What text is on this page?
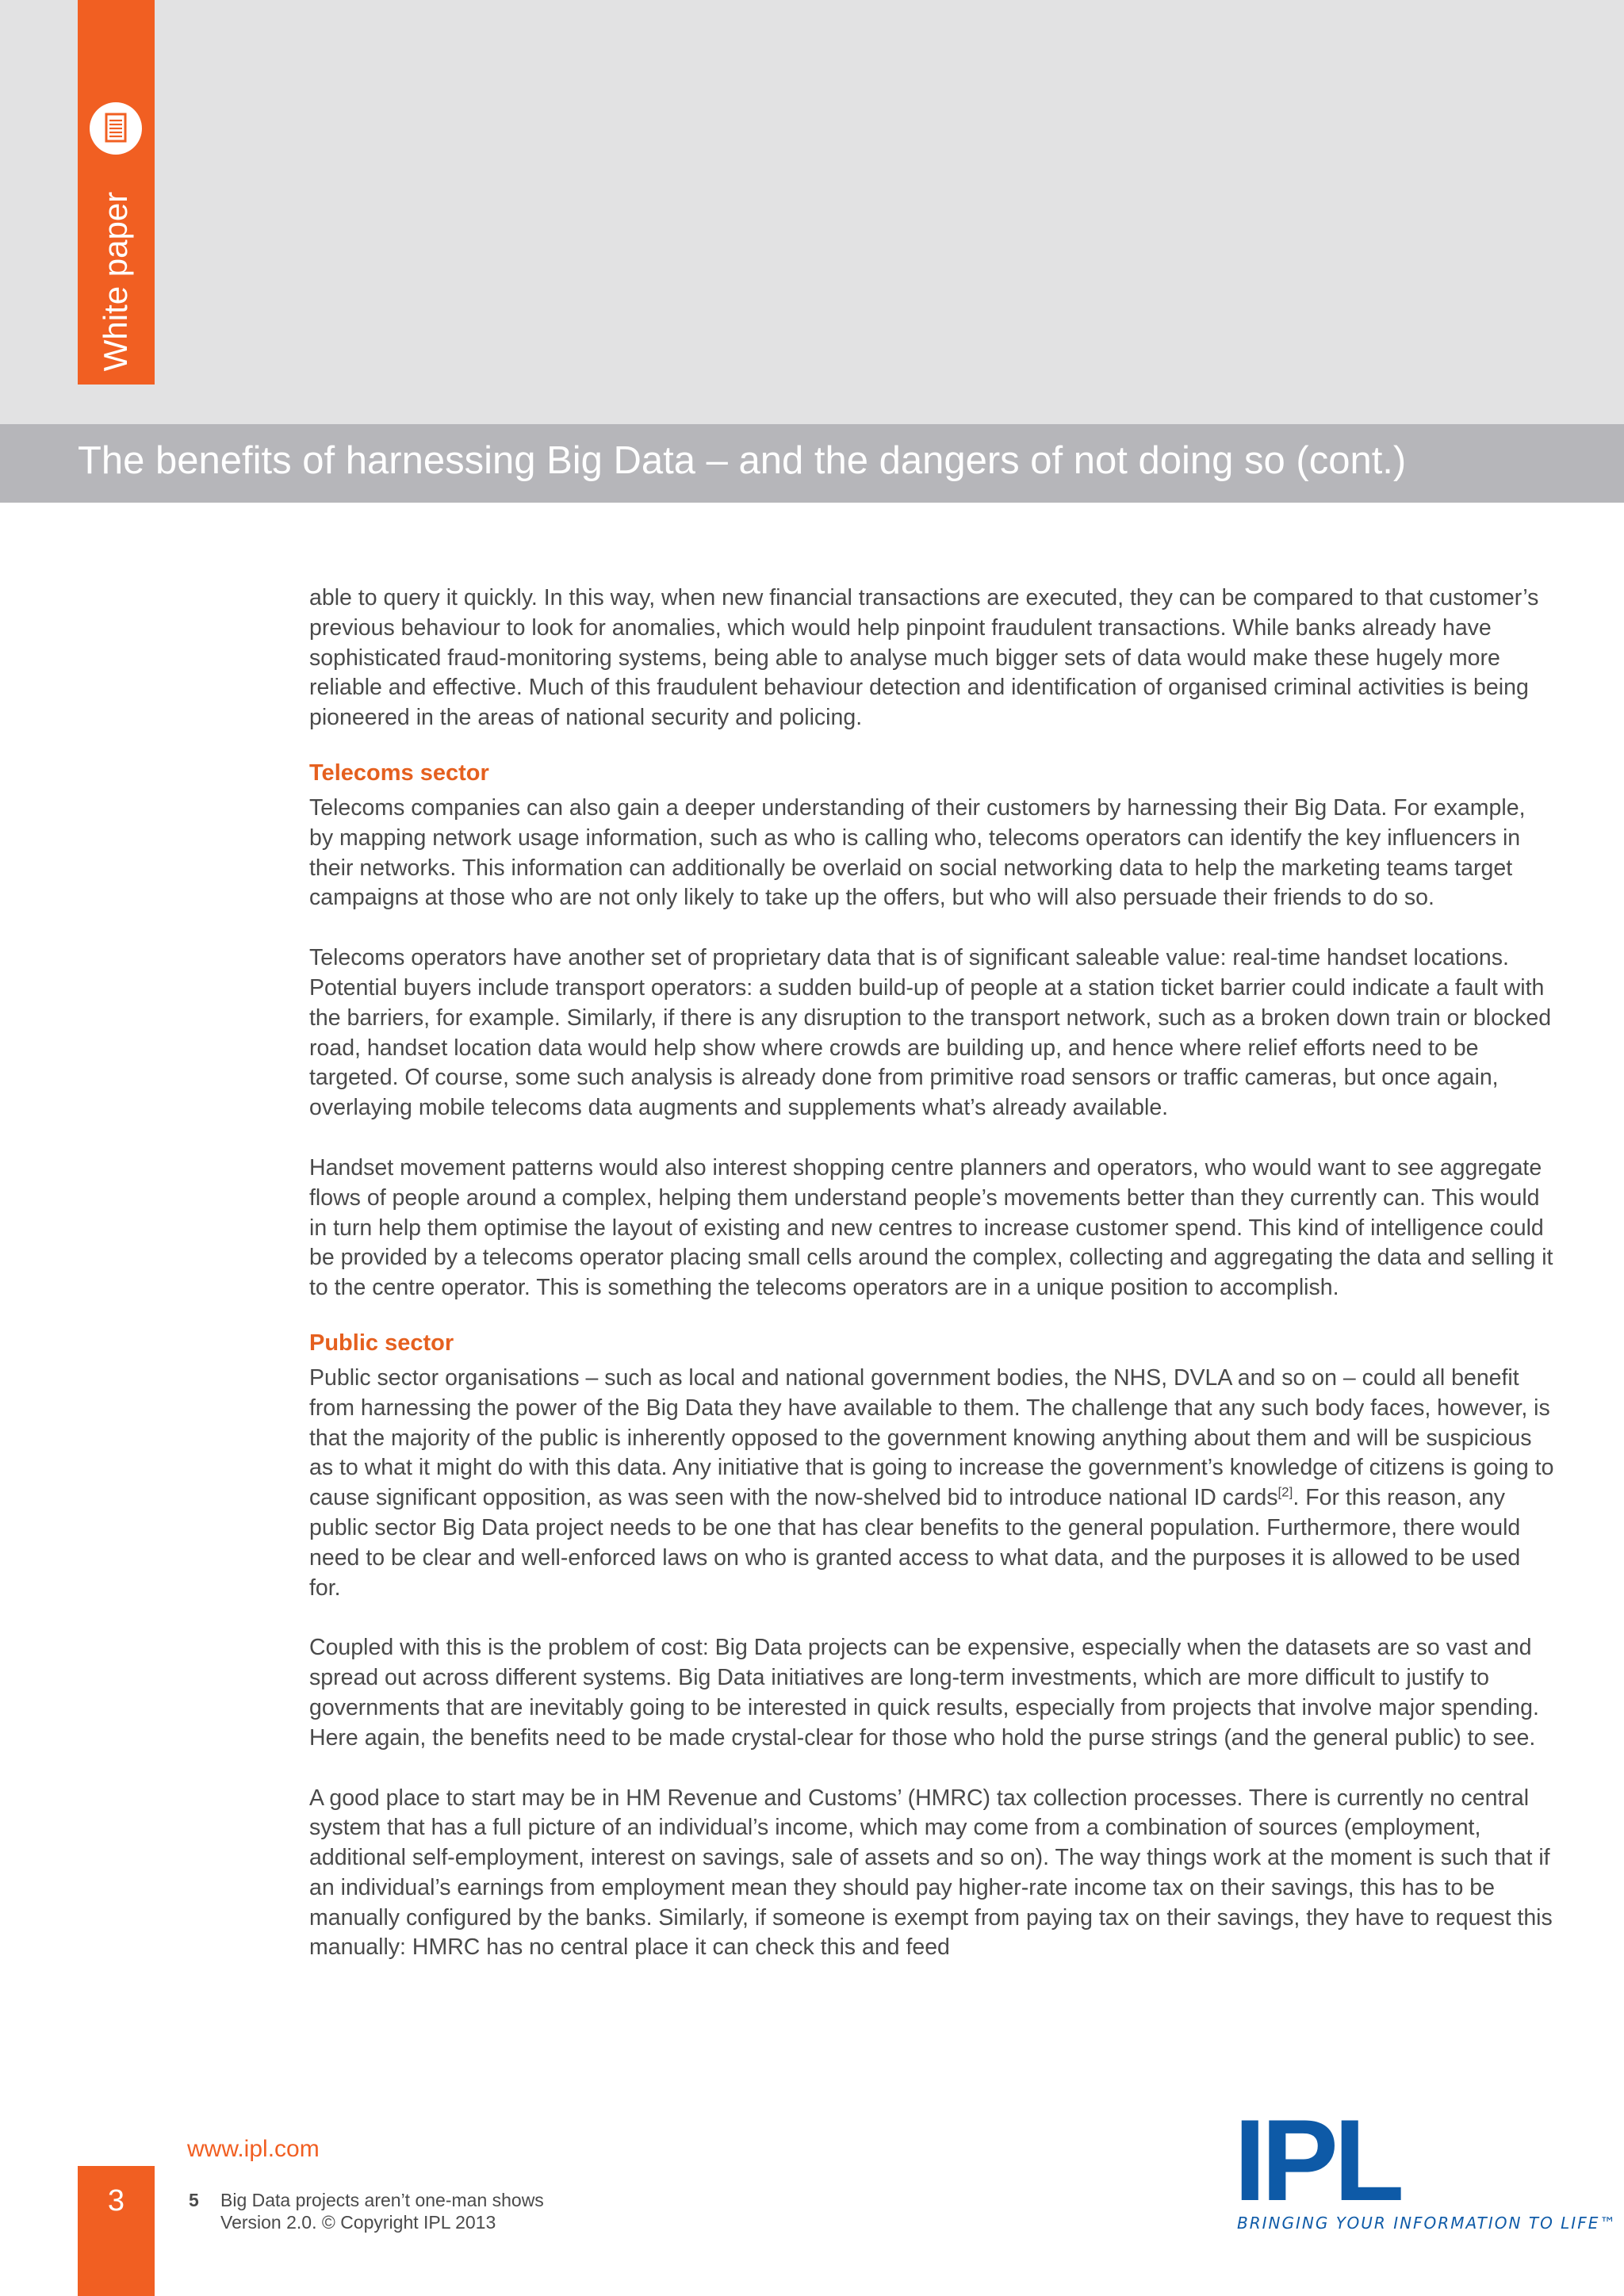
White paper
The benefits of harnessing Big Data – and the dangers of not doing so (cont.)

able to query it quickly. In this way, when new financial transactions are executed, they can be compared to that customer’s previous behaviour to look for anomalies, which would help pinpoint fraudulent transactions. While banks already have sophisticated fraud-monitoring systems, being able to analyse much bigger sets of data would make these hugely more reliable and effective. Much of this fraudulent behaviour detection and identification of organised criminal activities is being pioneered in the areas of national security and policing.

Telecoms sector

Telecoms companies can also gain a deeper understanding of their customers by harnessing their Big Data. For example, by mapping network usage information, such as who is calling who, telecoms operators can identify the key influencers in their networks. This information can additionally be overlaid on social networking data to help the marketing teams target campaigns at those who are not only likely to take up the offers, but who will also persuade their friends to do so.

Telecoms operators have another set of proprietary data that is of significant saleable value: real-time handset locations. Potential buyers include transport operators: a sudden build-up of people at a station ticket barrier could indicate a fault with the barriers, for example. Similarly, if there is any disruption to the transport network, such as a broken down train or blocked road, handset location data would help show where crowds are building up, and hence where relief efforts need to be targeted. Of course, some such analysis is already done from primitive road sensors or traffic cameras, but once again, overlaying mobile telecoms data augments and supplements what’s already available.

Handset movement patterns would also interest shopping centre planners and operators, who would want to see aggregate flows of people around a complex, helping them understand people’s movements better than they currently can. This would in turn help them optimise the layout of existing and new centres to increase customer spend. This kind of intelligence could be provided by a telecoms operator placing small cells around the complex, collecting and aggregating the data and selling it to the centre operator. This is something the telecoms operators are in a unique position to accomplish.

Public sector

Public sector organisations – such as local and national government bodies, the NHS, DVLA and so on – could all benefit from harnessing the power of the Big Data they have available to them. The challenge that any such body faces, however, is that the majority of the public is inherently opposed to the government knowing anything about them and will be suspicious as to what it might do with this data. Any initiative that is going to increase the government’s knowledge of citizens is going to cause significant opposition, as was seen with the now-shelved bid to introduce national ID cards[2]. For this reason, any public sector Big Data project needs to be one that has clear benefits to the general population. Furthermore, there would need to be clear and well-enforced laws on who is granted access to what data, and the purposes it is allowed to be used for.

Coupled with this is the problem of cost: Big Data projects can be expensive, especially when the datasets are so vast and spread out across different systems. Big Data initiatives are long-term investments, which are more difficult to justify to governments that are inevitably going to be interested in quick results, especially from projects that involve major spending. Here again, the benefits need to be made crystal-clear for those who hold the purse strings (and the general public) to see.

A good place to start may be in HM Revenue and Customs’ (HMRC) tax collection processes. There is currently no central system that has a full picture of an individual’s income, which may come from a combination of sources (employment, additional self-employment, interest on savings, sale of assets and so on). The way things work at the moment is such that if an individual’s earnings from employment mean they should pay higher-rate income tax on their savings, this has to be manually configured by the banks. Similarly, if someone is exempt from paying tax on their savings, they have to request this manually: HMRC has no central place it can check this and feed

www.ipl.com
3	5 Big Data projects aren’t one-man shows
Version 2.0. © Copyright IPL 2013	IPL
BRINGING YOUR INFORMATION TO LIFE™
